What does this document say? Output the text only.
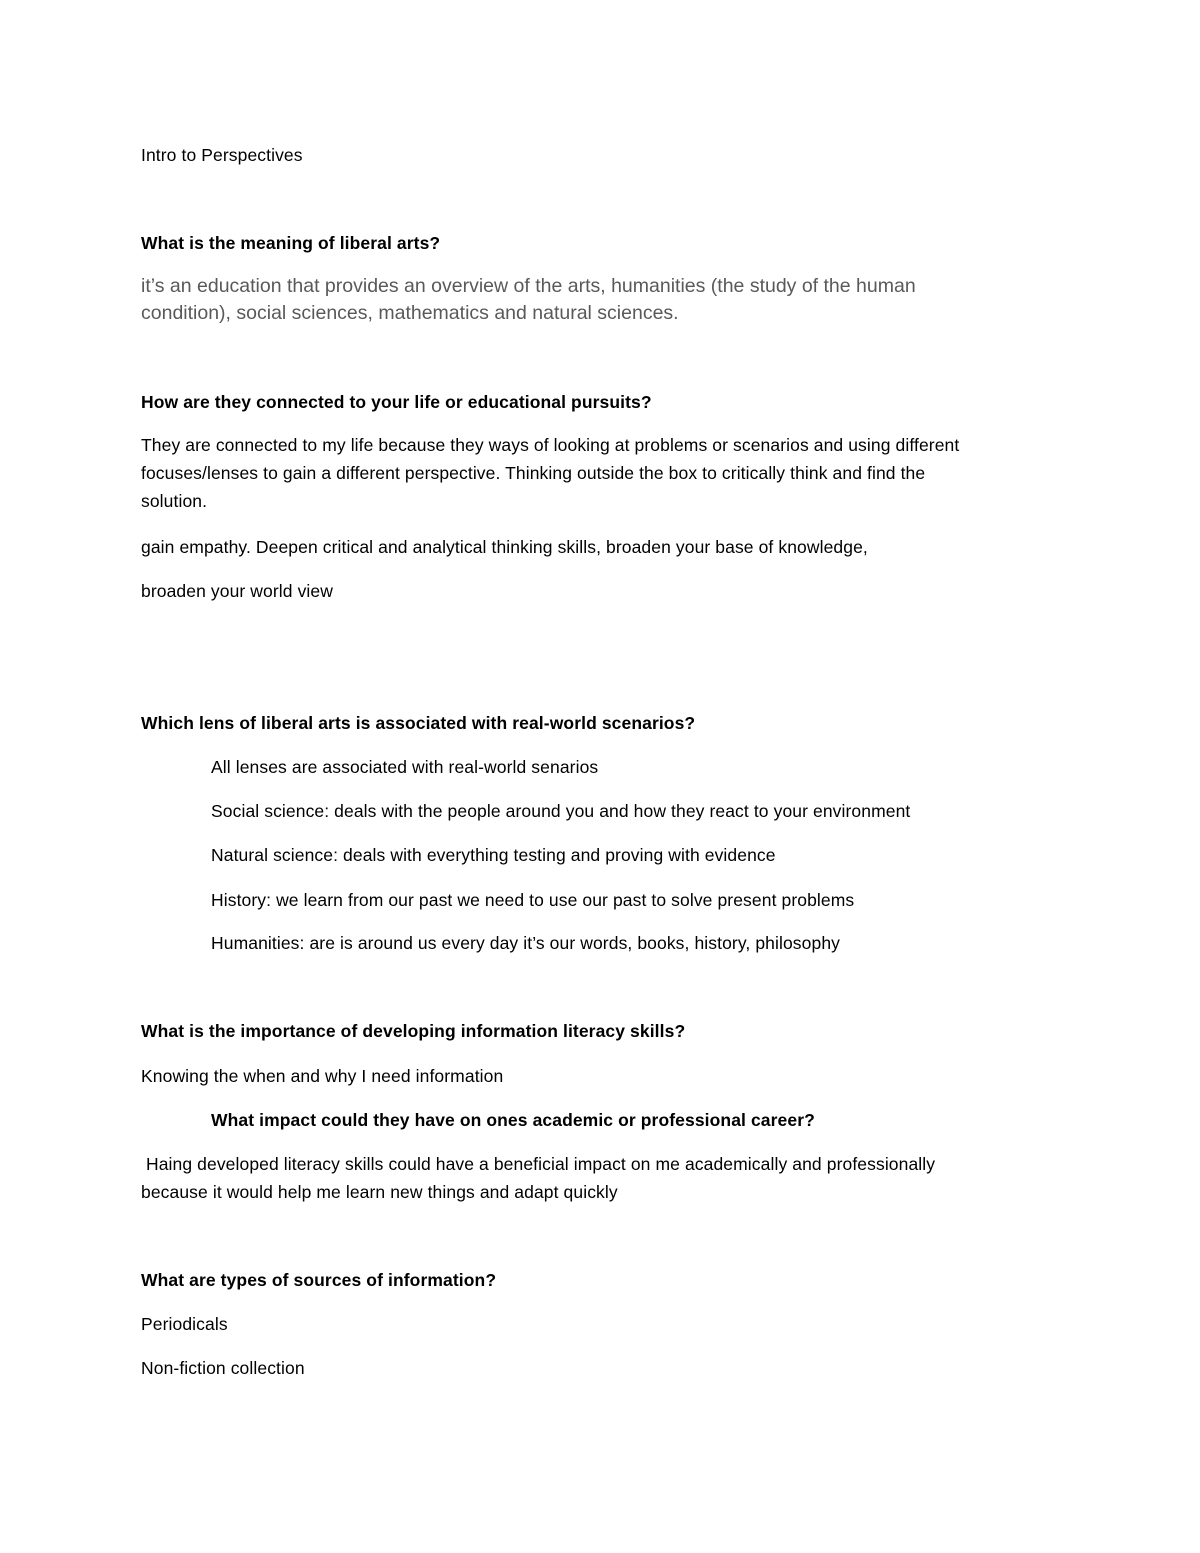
Intro to Perspectives
What is the meaning of liberal arts?
it’s an education that provides an overview of the arts, humanities (the study of the human
condition), social sciences, mathematics and natural sciences.
How are they connected to your life or educational pursuits?
They are connected to my life because they ways of looking at problems or scenarios and using different
focuses/lenses to gain a different perspective. Thinking outside the box to critically think and find the
solution.
gain empathy. Deepen critical and analytical thinking skills, broaden your base of knowledge,
broaden your world view
Which lens of liberal arts is associated with real-world scenarios?
All lenses are associated with real-world senarios
Social science: deals with the people around you and how they react to your environment
Natural science: deals with everything testing and proving with evidence
History: we learn from our past we need to use our past to solve present problems
Humanities: are is around us every day it’s our words, books, history, philosophy
What is the importance of developing information literacy skills?
Knowing the when and why I need information
What impact could they have on ones academic or professional career?
Haing developed literacy skills could have a beneficial impact on me academically and professionally
because it would help me learn new things and adapt quickly
What are types of sources of information?
Periodicals
Non-fiction collection
